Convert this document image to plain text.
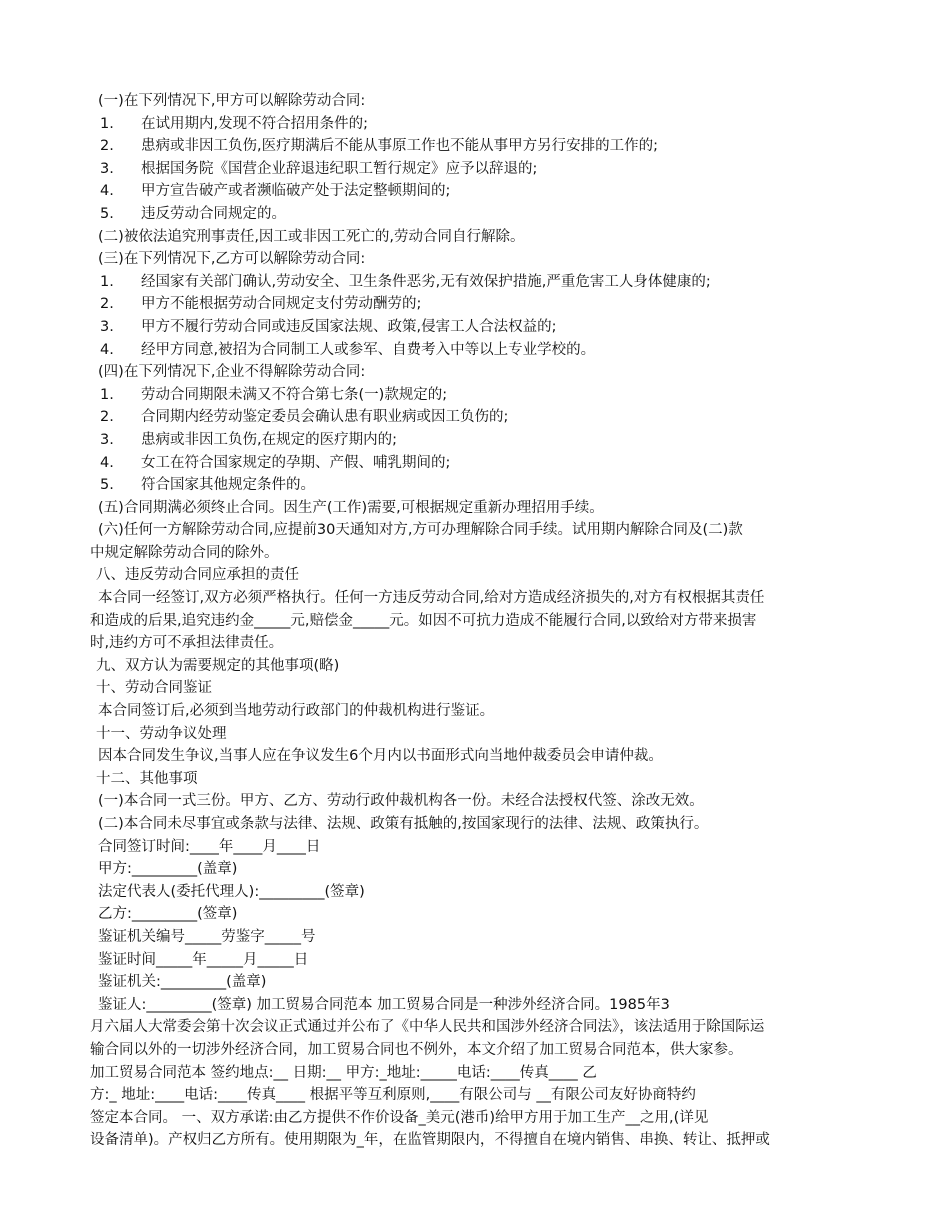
(一)在下列情况下,甲方可以解除劳动合同:
1. 在试用期内,发现不符合招用条件的;
2. 患病或非因工负伤,医疗期满后不能从事原工作也不能从事甲方另行安排的工作的;
3. 根据国务院《国营企业辞退违纪职工暂行规定》应予以辞退的;
4. 甲方宣告破产或者濒临破产处于法定整顿期间的;
5. 违反劳动合同规定的。
(二)被依法追究刑事责任,因工或非因工死亡的,劳动合同自行解除。
(三)在下列情况下,乙方可以解除劳动合同:
1. 经国家有关部门确认,劳动安全、卫生条件恶劣,无有效保护措施,严重危害工人身体健康的;
2. 甲方不能根据劳动合同规定支付劳动酬劳的;
3. 甲方不履行劳动合同或违反国家法规、政策,侵害工人合法权益的;
4. 经甲方同意,被招为合同制工人或参军、自费考入中等以上专业学校的。
(四)在下列情况下,企业不得解除劳动合同:
1. 劳动合同期限未满又不符合第七条(一)款规定的;
2. 合同期内经劳动鉴定委员会确认患有职业病或因工负伤的;
3. 患病或非因工负伤,在规定的医疗期内的;
4. 女工在符合国家规定的孕期、产假、哺乳期间的;
5. 符合国家其他规定条件的。
(五)合同期满必须终止合同。因生产(工作)需要,可根据规定重新办理招用手续。
(六)任何一方解除劳动合同,应提前30天通知对方,方可办理解除合同手续。试用期内解除合同及(二)款
中规定解除劳动合同的除外。
八、违反劳动合同应承担的责任
本合同一经签订,双方必须严格执行。任何一方违反劳动合同,给对方造成经济损失的,对方有权根据其责任
和造成的后果,追究违约金_____元,赔偿金_____元。如因不可抗力造成不能履行合同,以致给对方带来损害
时,违约方可不承担法律责任。
九、双方认为需要规定的其他事项(略)
十、劳动合同鉴证
本合同签订后,必须到当地劳动行政部门的仲裁机构进行鉴证。
十一、劳动争议处理
因本合同发生争议,当事人应在争议发生6个月内以书面形式向当地仲裁委员会申请仲裁。
十二、其他事项
(一)本合同一式三份。甲方、乙方、劳动行政仲裁机构各一份。未经合法授权代签、涂改无效。
(二)本合同未尽事宜或条款与法律、法规、政策有抵触的,按国家现行的法律、法规、政策执行。
合同签订时间:____年____月____日
甲方:_________(盖章)
法定代表人(委托代理人):_________(签章)
乙方:_________(签章)
鉴证机关编号_____劳鉴字_____号
鉴证时间_____年_____月_____日
鉴证机关:_________(盖章)
鉴证人:_________(签章) 加工贸易合同范本 加工贸易合同是一种涉外经济合同。1985年3
月六届人大常委会第十次会议正式通过并公布了《中华人民共和国涉外经济合同法》，该法适用于除国际运
输合同以外的一切涉外经济合同，加工贸易合同也不例外，本文介绍了加工贸易合同范本，供大家参。
加工贸易合同范本 签约地点:__ 日期:__ 甲方:_地址:_____电话:____传真____ 乙
方:_ 地址:____电话:____传真____ 根据平等互利原则,____有限公司与 __有限公司友好协商特约
签定本合同。 一、双方承诺:由乙方提供不作价设备_美元(港币)给甲方用于加工生产__之用,(详见
设备清单)。产权归乙方所有。使用期限为_年，在监管期限内，不得擅自在境内销售、串换、转让、抵押或
